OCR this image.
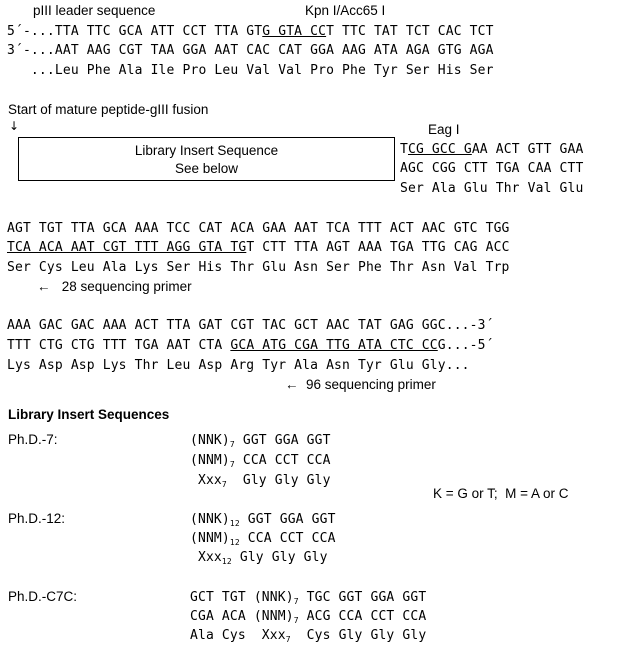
pIII leader sequence	Kpn I/Acc65 I
5´-...TTA TTC GCA ATT CCT TTA GTG GTA CCT TTC TAT TCT CAC TCT
3´-...AAT AAG CGT TAA GGA AAT CAC CAT GGA AAG ATA AGA GTG AGA
...Leu Phe Ala Ile Pro Leu Val Val Pro Phe Tyr Ser His Ser
Start of mature peptide-gIII fusion
↓
Library Insert Sequence
See below
Eag I
TCG GCC GAA ACT GTT GAA
AGC CGG CTT TGA CAA CTT
Ser Ala Glu Thr Val Glu
AGT TGT TTA GCA AAA TCC CAT ACA GAA AAT TCA TTT ACT AAC GTC TGG
TCA ACA AAT CGT TTT AGG GTA TGT CTT TTA AGT AAA TGA TTG CAG ACC
Ser Cys Leu Ala Lys Ser His Thr Glu Asn Ser Phe Thr Asn Val Trp
←   28 sequencing primer
AAA GAC GAC AAA ACT TTA GAT CGT TAC GCT AAC TAT GAG GGC...-3´
TTT CTG CTG TTT TGA AAT CTA GCA ATG CGA TTG ATA CTC CCG...-5´
Lys Asp Asp Lys Thr Leu Asp Arg Tyr Ala Asn Tyr Glu Gly...
←  96 sequencing primer
Library Insert Sequences
Ph.D.-7:	$(NNK)_7$ GGT GGA GGT
$(NNM)_7$ CCA CCT CCA
Xxx$_7$  Gly Gly Gly
K = G or T;  M = A or C
Ph.D.-12:	$(NNK)_{12}$ GGT GGA GGT
$(NNM)_{12}$ CCA CCT CCA
Xxx$_{12}$ Gly Gly Gly
Ph.D.-C7C:	GCT TGT $(NNK)_7$ TGC GGT GGA GGT
CGA ACA $(NNM)_7$ ACG CCA CCT CCA
Ala Cys  Xxx$_7$  Cys Gly Gly Gly
